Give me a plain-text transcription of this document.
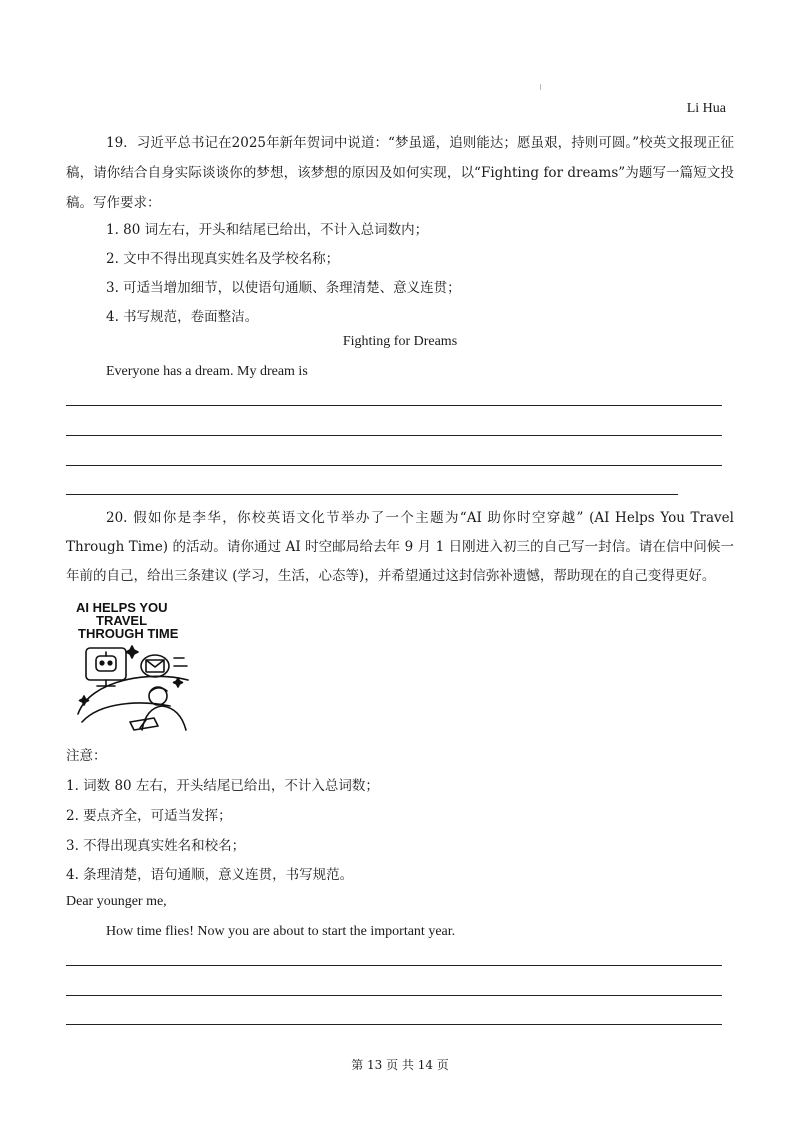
Li Hua
19．习近平总书记在2025年新年贺词中说道：“梦虽遥，追则能达；愿虽艰，持则可圆。”校英文报现正征稿，请你结合自身实际谈谈你的梦想，该梦想的原因及如何实现，以“Fighting for dreams”为题写一篇短文投稿。写作要求：
1. 80 词左右，开头和结尾已给出，不计入总词数内；
2. 文中不得出现真实姓名及学校名称；
3. 可适当增加细节，以使语句通顺、条理清楚、意义连贯；
4. 书写规范，卷面整洁。
Fighting for Dreams
Everyone has a dream. My dream is
20. 假如你是李华，你校英语文化节举办了一个主题为“AI 助你时空穿越” (AI Helps You Travel Through Time) 的活动。请你通过 AI 时空邮局给去年 9 月 1 日刚进入初三的自己写一封信。请在信中问候一年前的自己，给出三条建议 (学习，生活，心态等)，并希望通过这封信弥补遗憾，帮助现在的自己变得更好。
AI HELPS YOU
TRAVEL
THROUGH TIME
注意：
1. 词数 80 左右，开头结尾已给出，不计入总词数；
2. 要点齐全，可适当发挥；
3. 不得出现真实姓名和校名；
4. 条理清楚，语句通顺，意义连贯，书写规范。
Dear younger me,
How time flies! Now you are about to start the important year.
第 13 页 共 14 页
